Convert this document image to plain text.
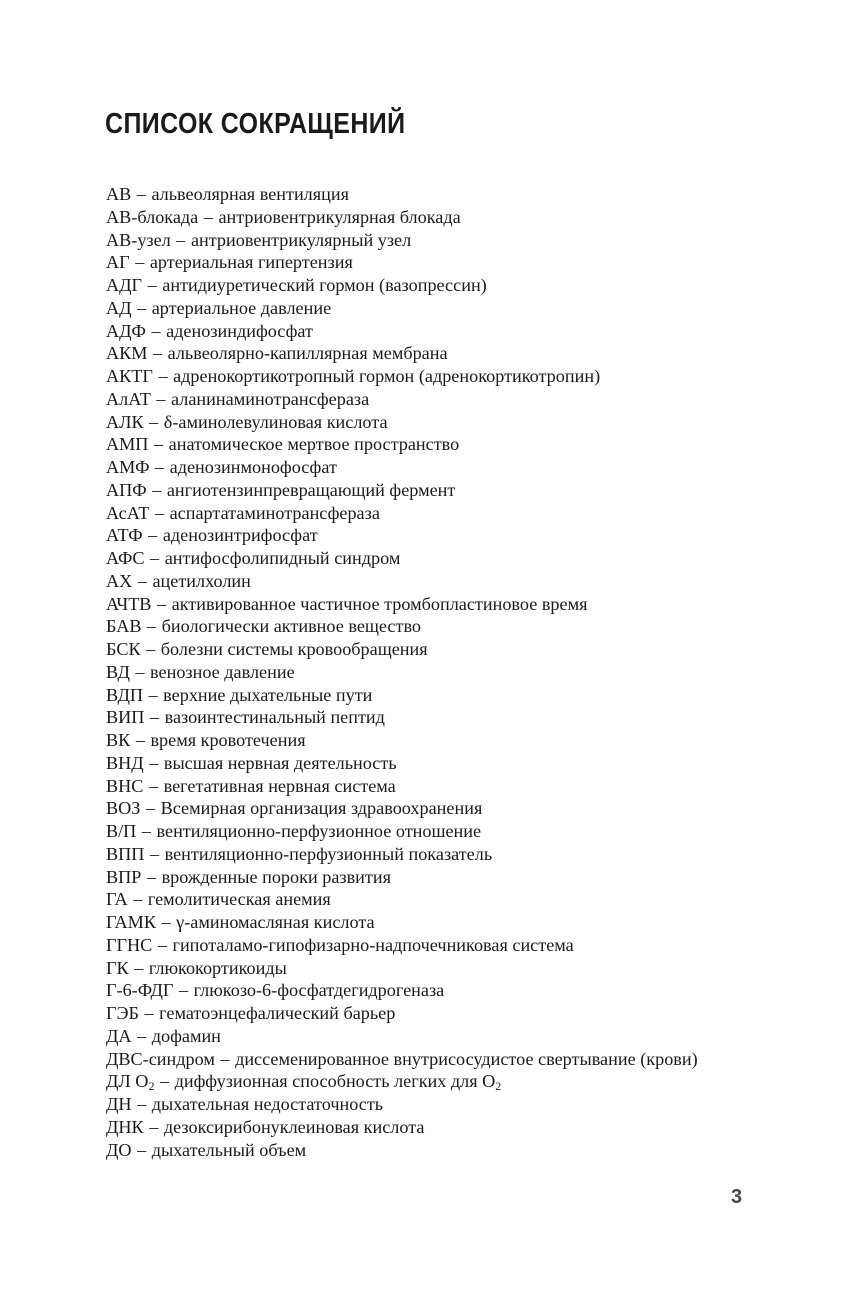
СПИСОК СОКРАЩЕНИЙ
АВ – альвеолярная вентиляция
АВ-блокада – антриовентрикулярная блокада
АВ-узел – антриовентрикулярный узел
АГ – артериальная гипертензия
АДГ – антидиуретический гормон (вазопрессин)
АД – артериальное давление
АДФ – аденозиндифосфат
АКМ – альвеолярно-капиллярная мембрана
АКТГ – адренокортикотропный гормон (адренокортикотропин)
АлАТ – аланинаминотрансфераза
АЛК – δ-аминолевулиновая кислота
АМП – анатомическое мертвое пространство
АМФ – аденозинмонофосфат
АПФ – ангиотензинпревращающий фермент
АсАТ – аспартатаминотрансфераза
АТФ – аденозинтрифосфат
АФС – антифосфолипидный синдром
АХ – ацетилхолин
АЧТВ – активированное частичное тромбопластиновое время
БАВ – биологически активное вещество
БСК – болезни системы кровообращения
ВД – венозное давление
ВДП – верхние дыхательные пути
ВИП – вазоинтестинальный пептид
ВК – время кровотечения
ВНД – высшая нервная деятельность
ВНС – вегетативная нервная система
ВОЗ – Всемирная организация здравоохранения
В/П – вентиляционно-перфузионное отношение
ВПП – вентиляционно-перфузионный показатель
ВПР – врожденные пороки развития
ГА – гемолитическая анемия
ГАМК – γ-аминомасляная кислота
ГГНС – гипоталамо-гипофизарно-надпочечниковая система
ГК – глюкокортикоиды
Г-6-ФДГ – глюкозо-6-фосфатдегидрогеназа
ГЭБ – гематоэнцефалический барьер
ДА – дофамин
ДВС-синдром – диссеменированное внутрисосудистое свертывание (крови)
ДЛ $O_2$ – диффузионная способность легких для $O_2$
ДН – дыхательная недостаточность
ДНК – дезоксирибонуклеиновая кислота
ДО – дыхательный объем
3
